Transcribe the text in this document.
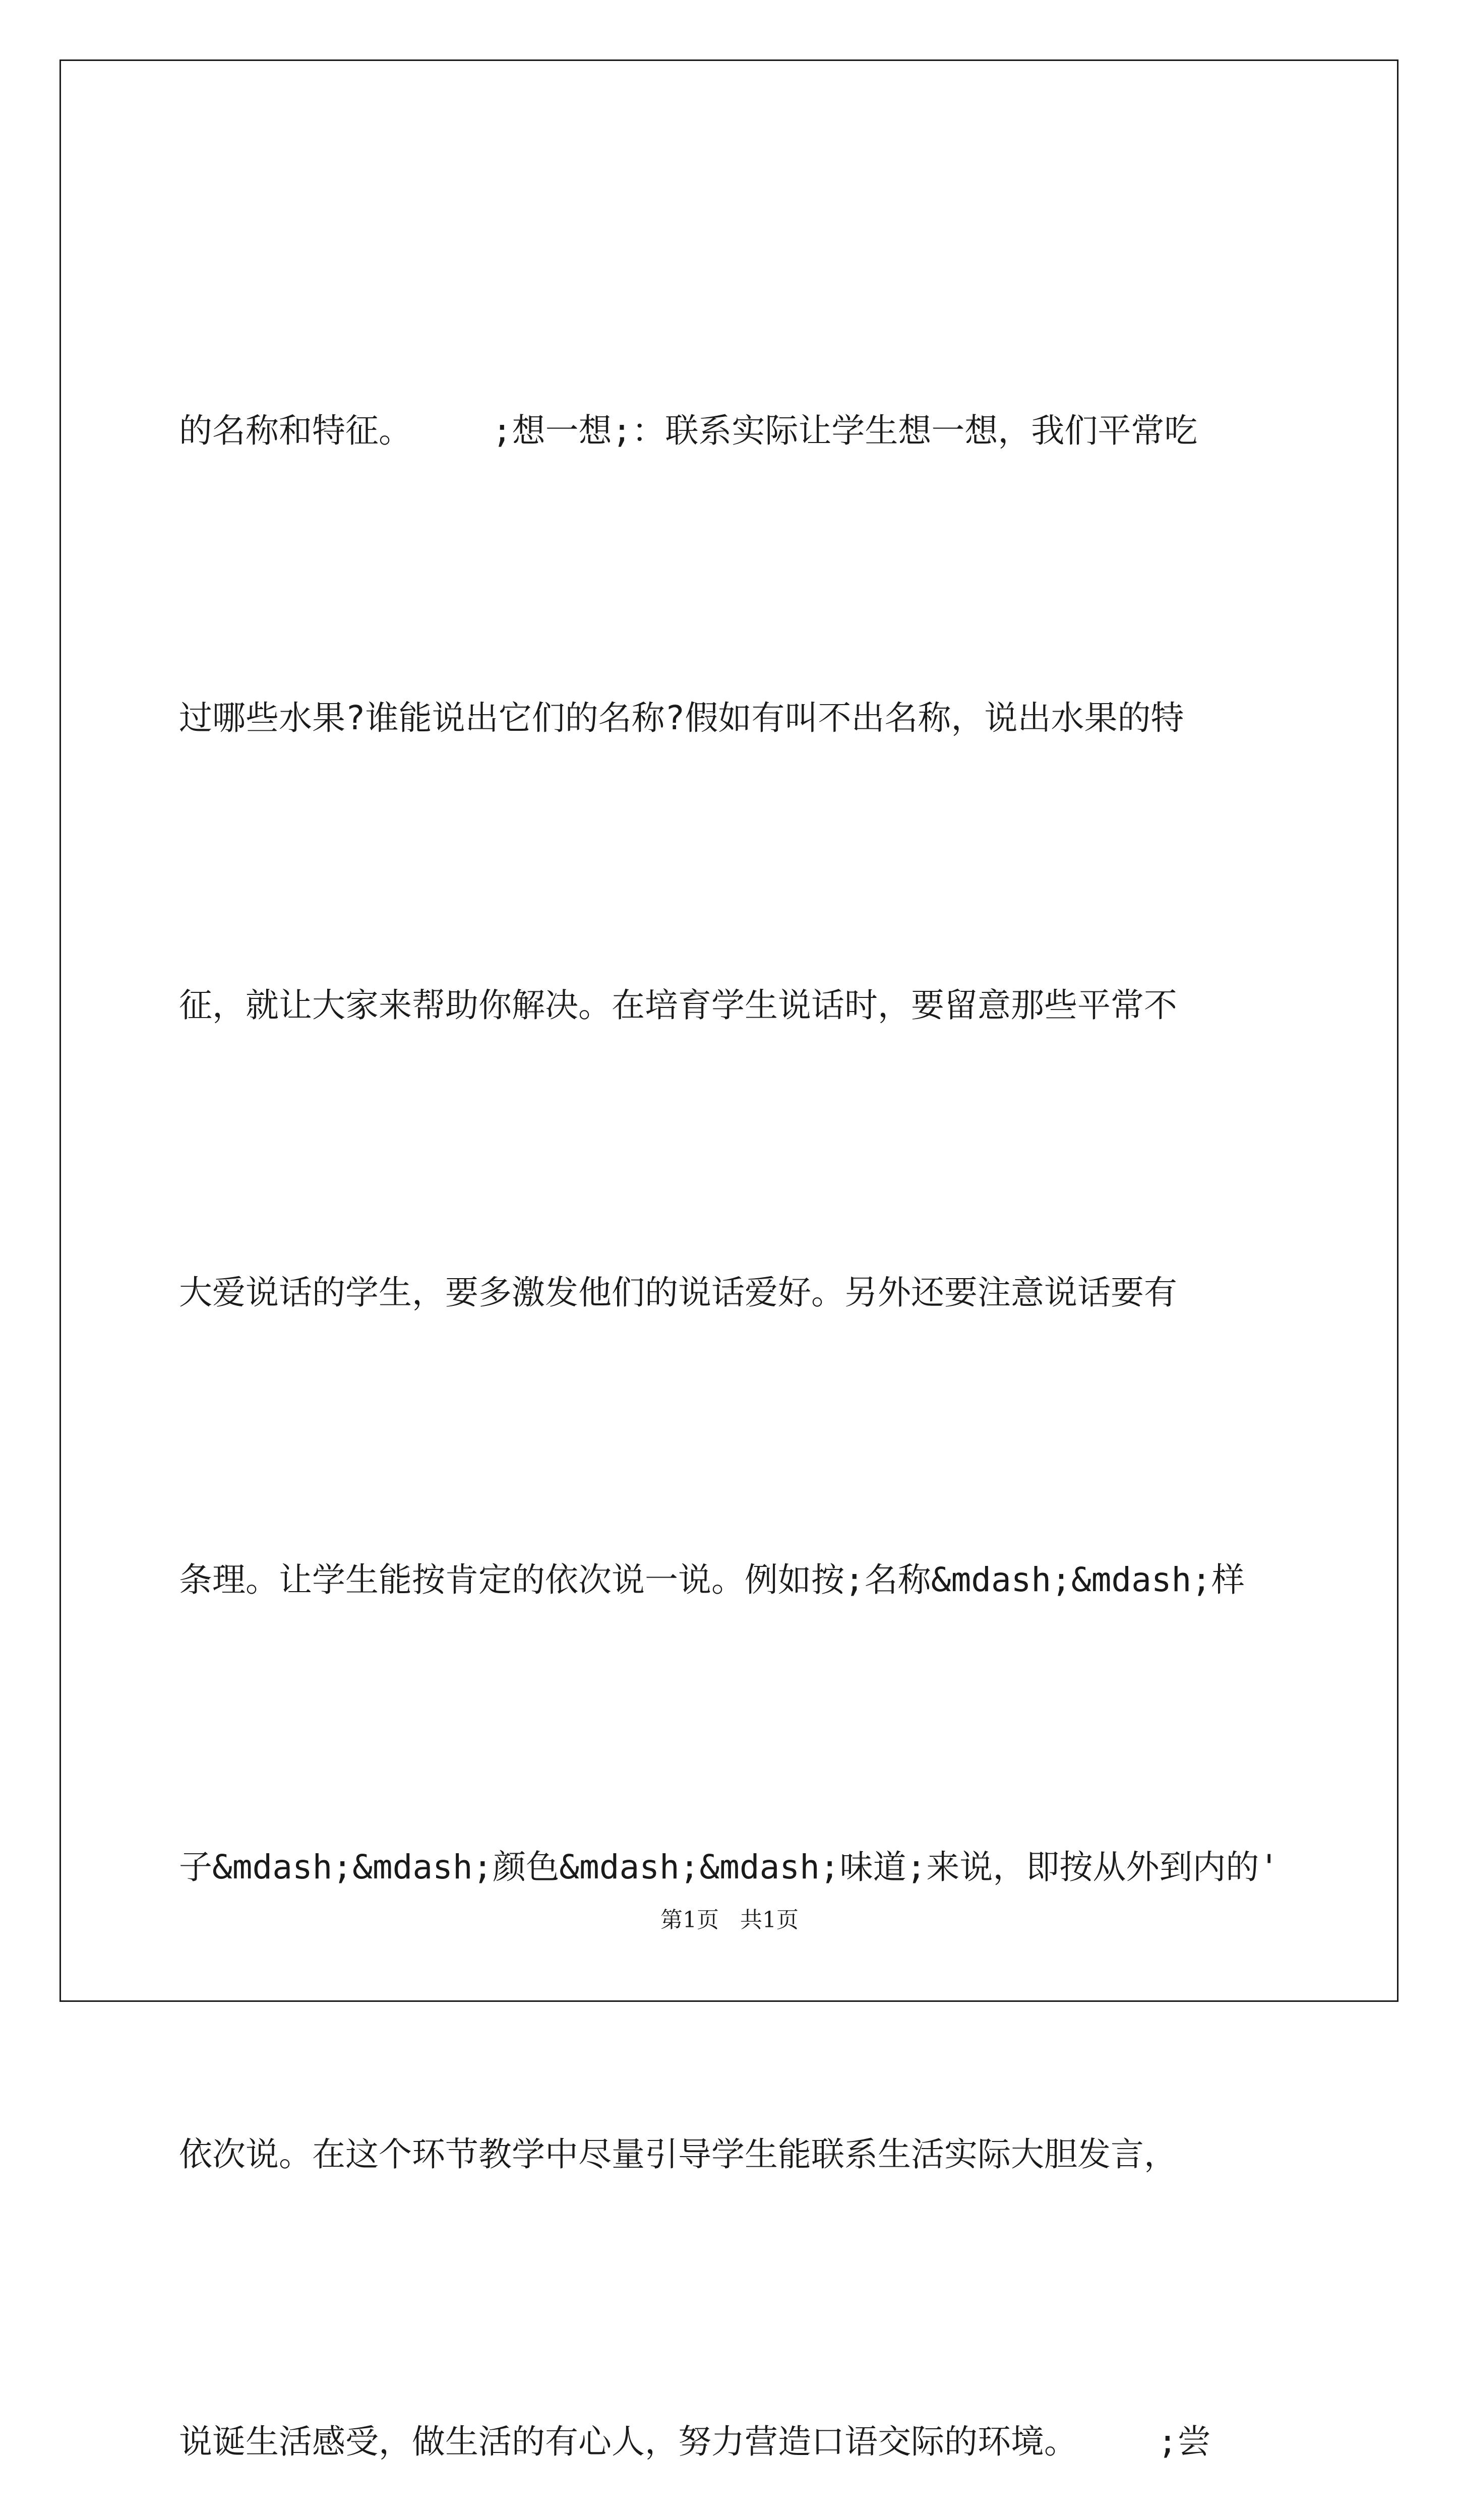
的名称和特征。    ;想一想;：联系实际让学生想一想，我们平常吃

过哪些水果?谁能说出它们的名称?假如有叫不出名称，说出水果的特

征，就让大家来帮助你解决。在培育学生说话时，要留意那些平常不

大爱说话的学生，要多激发他们的说话爱好。另外还要注意说话要有

条理。让学生能按肯定的依次说一说。例如按;名称&mdash;&mdash;样

子&mdash;&mdash;颜色&mdash;&mdash;味道;来说，即按从外到内的'

依次说。在这个环节教学中尽量引导学生能联系生活实际大胆发言，

说诞生活感受，做生活的有心人，努力营造口语交际的环境。    ;尝

第1页   共1页
